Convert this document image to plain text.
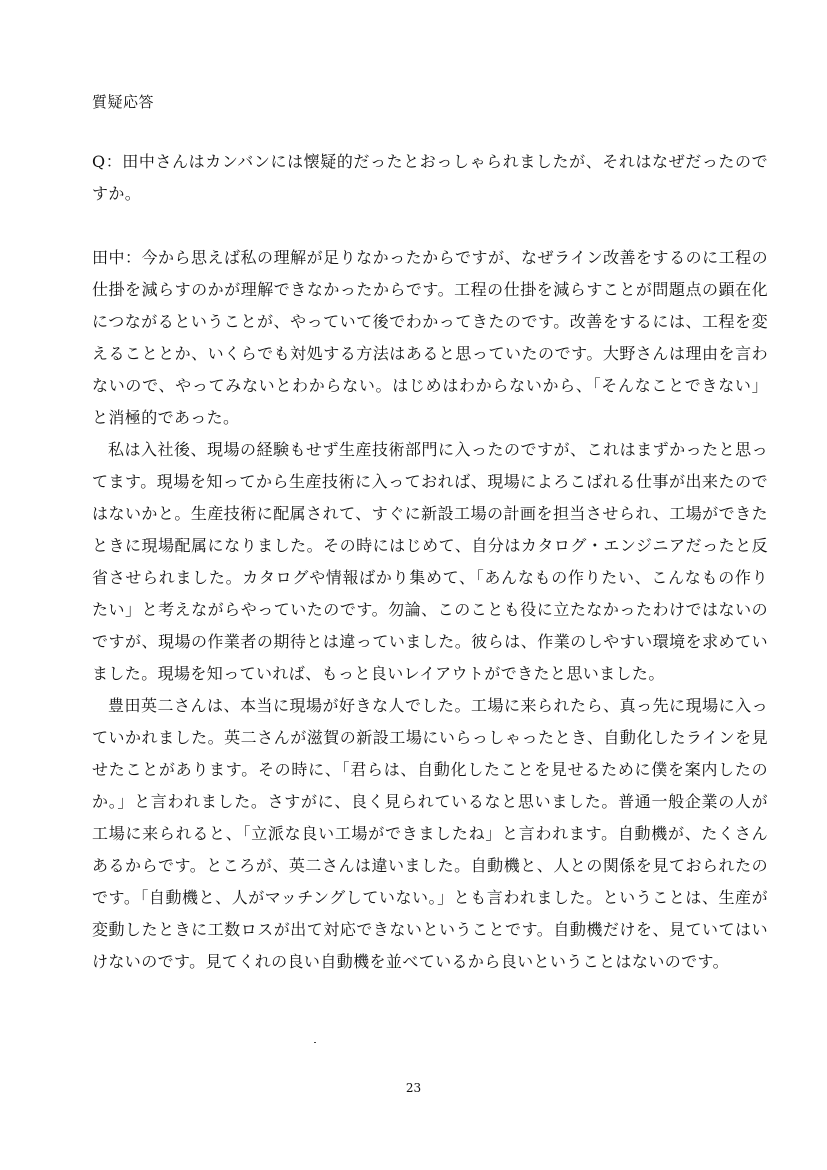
質疑応答

Q：田中さんはカンバンには懐疑的だったとおっしゃられましたが、それはなぜだったのですか。

田中：今から思えば私の理解が足りなかったからですが、なぜライン改善をするのに工程の仕掛を減らすのかが理解できなかったからです。工程の仕掛を減らすことが問題点の顕在化につながるということが、やっていて後でわかってきたのです。改善をするには、工程を変えることとか、いくらでも対処する方法はあると思っていたのです。大野さんは理由を言わないので、やってみないとわからない。はじめはわからないから、「そんなことできない」と消極的であった。

私は入社後、現場の経験もせず生産技術部門に入ったのですが、これはまずかったと思ってます。現場を知ってから生産技術に入っておれば、現場によろこばれる仕事が出来たのではないかと。生産技術に配属されて、すぐに新設工場の計画を担当させられ、工場ができたときに現場配属になりました。その時にはじめて、自分はカタログ・エンジニアだったと反省させられました。カタログや情報ばかり集めて、「あんなもの作りたい、こんなもの作りたい」と考えながらやっていたのです。勿論、このことも役に立たなかったわけではないのですが、現場の作業者の期待とは違っていました。彼らは、作業のしやすい環境を求めていました。現場を知っていれば、もっと良いレイアウトができたと思いました。

豊田英二さんは、本当に現場が好きな人でした。工場に来られたら、真っ先に現場に入っていかれました。英二さんが滋賀の新設工場にいらっしゃったとき、自動化したラインを見せたことがあります。その時に、「君らは、自動化したことを見せるために僕を案内したのか。」と言われました。さすがに、良く見られているなと思いました。普通一般企業の人が工場に来られると、「立派な良い工場ができましたね」と言われます。自動機が、たくさんあるからです。ところが、英二さんは違いました。自動機と、人との関係を見ておられたのです。「自動機と、人がマッチングしていない。」とも言われました。ということは、生産が変動したときに工数ロスが出て対応できないということです。自動機だけを、見ていてはいけないのです。見てくれの良い自動機を並べているから良いということはないのです。

23
